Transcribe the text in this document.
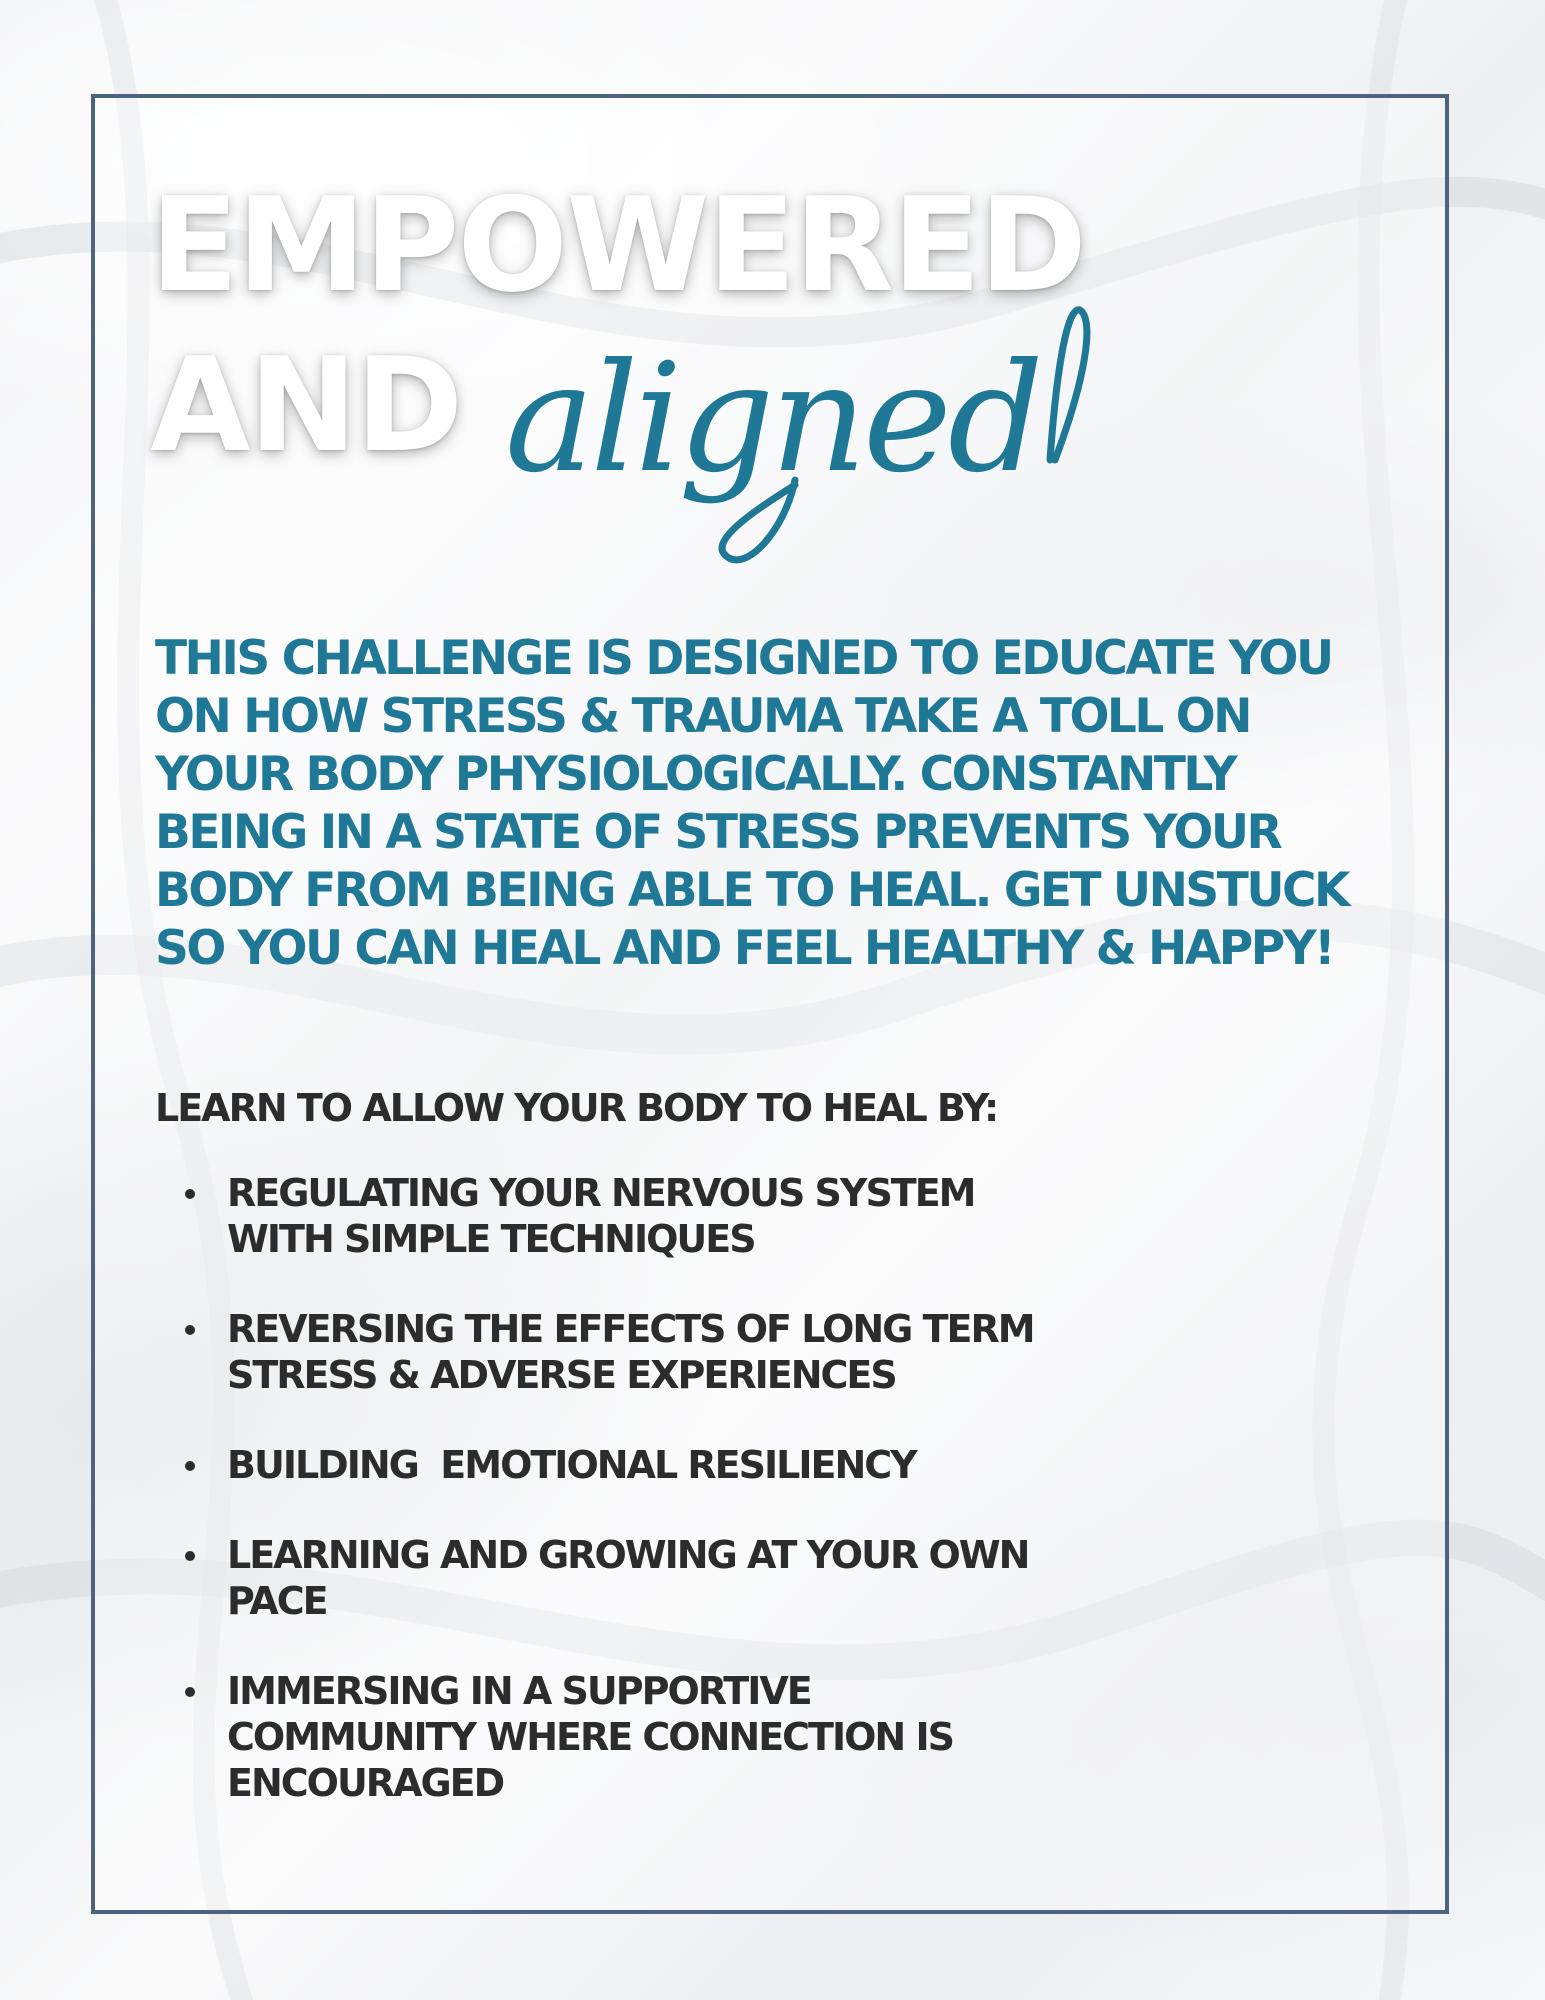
EMPOWERED
AND aligned
THIS CHALLENGE IS DESIGNED TO EDUCATE YOU ON HOW STRESS & TRAUMA TAKE A TOLL ON YOUR BODY PHYSIOLOGICALLY. CONSTANTLY BEING IN A STATE OF STRESS PREVENTS YOUR BODY FROM BEING ABLE TO HEAL. GET UNSTUCK SO YOU CAN HEAL AND FEEL HEALTHY & HAPPY!
LEARN TO ALLOW YOUR BODY TO HEAL BY:
REGULATING YOUR NERVOUS SYSTEM WITH SIMPLE TECHNIQUES
REVERSING THE EFFECTS OF LONG TERM STRESS & ADVERSE EXPERIENCES
BUILDING  EMOTIONAL RESILIENCY
LEARNING AND GROWING AT YOUR OWN PACE
IMMERSING IN A SUPPORTIVE COMMUNITY WHERE CONNECTION IS ENCOURAGED
